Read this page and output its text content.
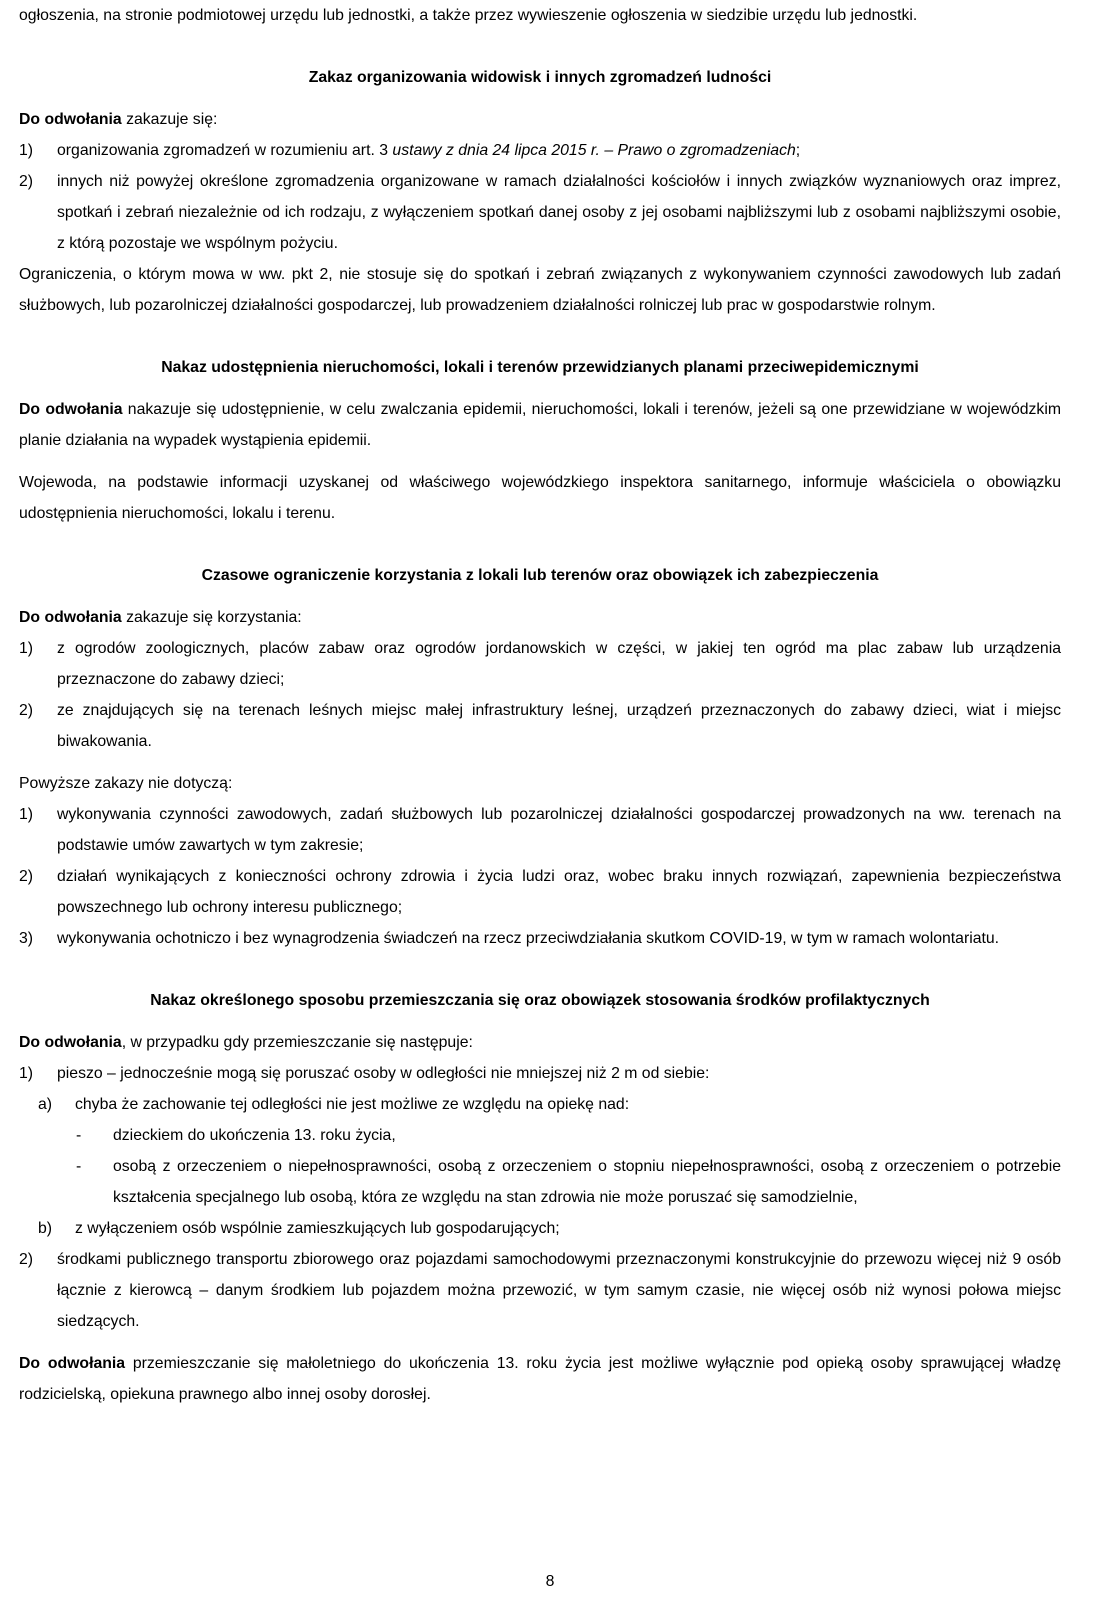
ogłoszenia, na stronie podmiotowej urzędu lub jednostki, a także przez wywieszenie ogłoszenia w siedzibie urzędu lub jednostki.

Zakaz organizowania widowisk i innych zgromadzeń ludności

Do odwołania zakazuje się:

1) organizowania zgromadzeń w rozumieniu art. 3 ustawy z dnia 24 lipca 2015 r. – Prawo o zgromadzeniach;

2) innych niż powyżej określone zgromadzenia organizowane w ramach działalności kościołów i innych związków wyznaniowych oraz imprez, spotkań i zebrań niezależnie od ich rodzaju, z wyłączeniem spotkań danej osoby z jej osobami najbliższymi lub z osobami najbliższymi osobie, z którą pozostaje we wspólnym pożyciu.

Ograniczenia, o którym mowa w ww. pkt 2, nie stosuje się do spotkań i zebrań związanych z wykonywaniem czynności zawodowych lub zadań służbowych, lub pozarolniczej działalności gospodarczej, lub prowadzeniem działalności rolniczej lub prac w gospodarstwie rolnym.

Nakaz udostępnienia nieruchomości, lokali i terenów przewidzianych planami przeciwepidemicznymi

Do odwołania nakazuje się udostępnienie, w celu zwalczania epidemii, nieruchomości, lokali i terenów, jeżeli są one przewidziane w wojewódzkim planie działania na wypadek wystąpienia epidemii.

Wojewoda, na podstawie informacji uzyskanej od właściwego wojewódzkiego inspektora sanitarnego, informuje właściciela o obowiązku udostępnienia nieruchomości, lokalu i terenu.

Czasowe ograniczenie korzystania z lokali lub terenów oraz obowiązek ich zabezpieczenia

Do odwołania zakazuje się korzystania:

1) z ogrodów zoologicznych, placów zabaw oraz ogrodów jordanowskich w części, w jakiej ten ogród ma plac zabaw lub urządzenia przeznaczone do zabawy dzieci;

2) ze znajdujących się na terenach leśnych miejsc małej infrastruktury leśnej, urządzeń przeznaczonych do zabawy dzieci, wiat i miejsc biwakowania.

Powyższe zakazy nie dotyczą:

1) wykonywania czynności zawodowych, zadań służbowych lub pozarolniczej działalności gospodarczej prowadzonych na ww. terenach na podstawie umów zawartych w tym zakresie;

2) działań wynikających z konieczności ochrony zdrowia i życia ludzi oraz, wobec braku innych rozwiązań, zapewnienia bezpieczeństwa powszechnego lub ochrony interesu publicznego;

3) wykonywania ochotniczo i bez wynagrodzenia świadczeń na rzecz przeciwdziałania skutkom COVID-19, w tym w ramach wolontariatu.

Nakaz określonego sposobu przemieszczania się oraz obowiązek stosowania środków profilaktycznych

Do odwołania, w przypadku gdy przemieszczanie się następuje:

1) pieszo – jednocześnie mogą się poruszać osoby w odległości nie mniejszej niż 2 m od siebie:

a) chyba że zachowanie tej odległości nie jest możliwe ze względu na opiekę nad:

- dzieckiem do ukończenia 13. roku życia,

- osobą z orzeczeniem o niepełnosprawności, osobą z orzeczeniem o stopniu niepełnosprawności, osobą z orzeczeniem o potrzebie kształcenia specjalnego lub osobą, która ze względu na stan zdrowia nie może poruszać się samodzielnie,

b) z wyłączeniem osób wspólnie zamieszkujących lub gospodarujących;

2) środkami publicznego transportu zbiorowego oraz pojazdami samochodowymi przeznaczonymi konstrukcyjnie do przewozu więcej niż 9 osób łącznie z kierowcą – danym środkiem lub pojazdem można przewozić, w tym samym czasie, nie więcej osób niż wynosi połowa miejsc siedzących.

Do odwołania przemieszczanie się małoletniego do ukończenia 13. roku życia jest możliwe wyłącznie pod opieką osoby sprawującej władzę rodzicielską, opiekuna prawnego albo innej osoby dorosłej.

8
